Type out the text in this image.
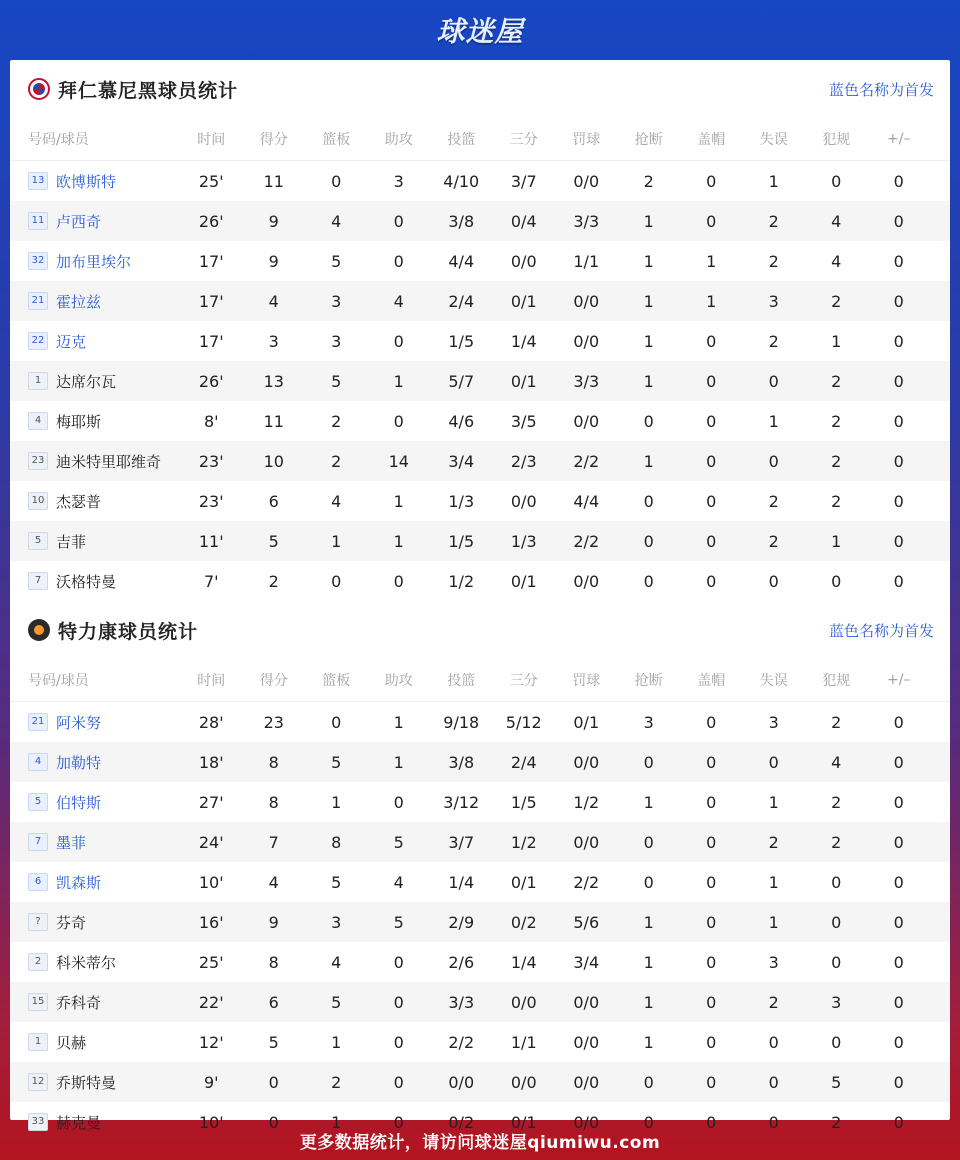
球迷屋
拜仁慕尼黑球员统计	蓝色名称为首发
号码/球员	时间	得分	篮板	助攻	投篮	三分	罚球	抢断	盖帽	失误	犯规	+/–
13 欧博斯特	25'	11	0	3	4/10	3/7	0/0	2	0	1	0	0
11 卢西奇	26'	9	4	0	3/8	0/4	3/3	1	0	2	4	0
32 加布里埃尔	17'	9	5	0	4/4	0/0	1/1	1	1	2	4	0
21 霍拉兹	17'	4	3	4	2/4	0/1	0/0	1	1	3	2	0
22 迈克	17'	3	3	0	1/5	1/4	0/0	1	0	2	1	0
1 达席尔瓦	26'	13	5	1	5/7	0/1	3/3	1	0	0	2	0
4 梅耶斯	8'	11	2	0	4/6	3/5	0/0	0	0	1	2	0
23 迪米特里耶维奇	23'	10	2	14	3/4	2/3	2/2	1	0	0	2	0
10 杰瑟普	23'	6	4	1	1/3	0/0	4/4	0	0	2	2	0
5 吉菲	11'	5	1	1	1/5	1/3	2/2	0	0	2	1	0
7 沃格特曼	7'	2	0	0	1/2	0/1	0/0	0	0	0	0	0
特力康球员统计	蓝色名称为首发
号码/球员	时间	得分	篮板	助攻	投篮	三分	罚球	抢断	盖帽	失误	犯规	+/–
21 阿米努	28'	23	0	1	9/18	5/12	0/1	3	0	3	2	0
4 加勒特	18'	8	5	1	3/8	2/4	0/0	0	0	0	4	0
5 伯特斯	27'	8	1	0	3/12	1/5	1/2	1	0	1	2	0
7 墨菲	24'	7	8	5	3/7	1/2	0/0	0	0	2	2	0
6 凯森斯	10'	4	5	4	1/4	0/1	2/2	0	0	1	0	0
?	芬奇	16'	9	3	5	2/9	0/2	5/6	1	0	1	0	0
2 科米蒂尔	25'	8	4	0	2/6	1/4	3/4	1	0	3	0	0
15 乔科奇	22'	6	5	0	3/3	0/0	0/0	1	0	2	3	0
1 贝赫	12'	5	1	0	2/2	1/1	0/0	1	0	0	0	0
12 乔斯特曼	9'	0	2	0	0/0	0/0	0/0	0	0	0	5	0
33 赫克曼	10'	0	1	0	0/2	0/1	0/0	0	0	0	2	0
更多数据统计，请访问球迷屋qiumiwu.com
